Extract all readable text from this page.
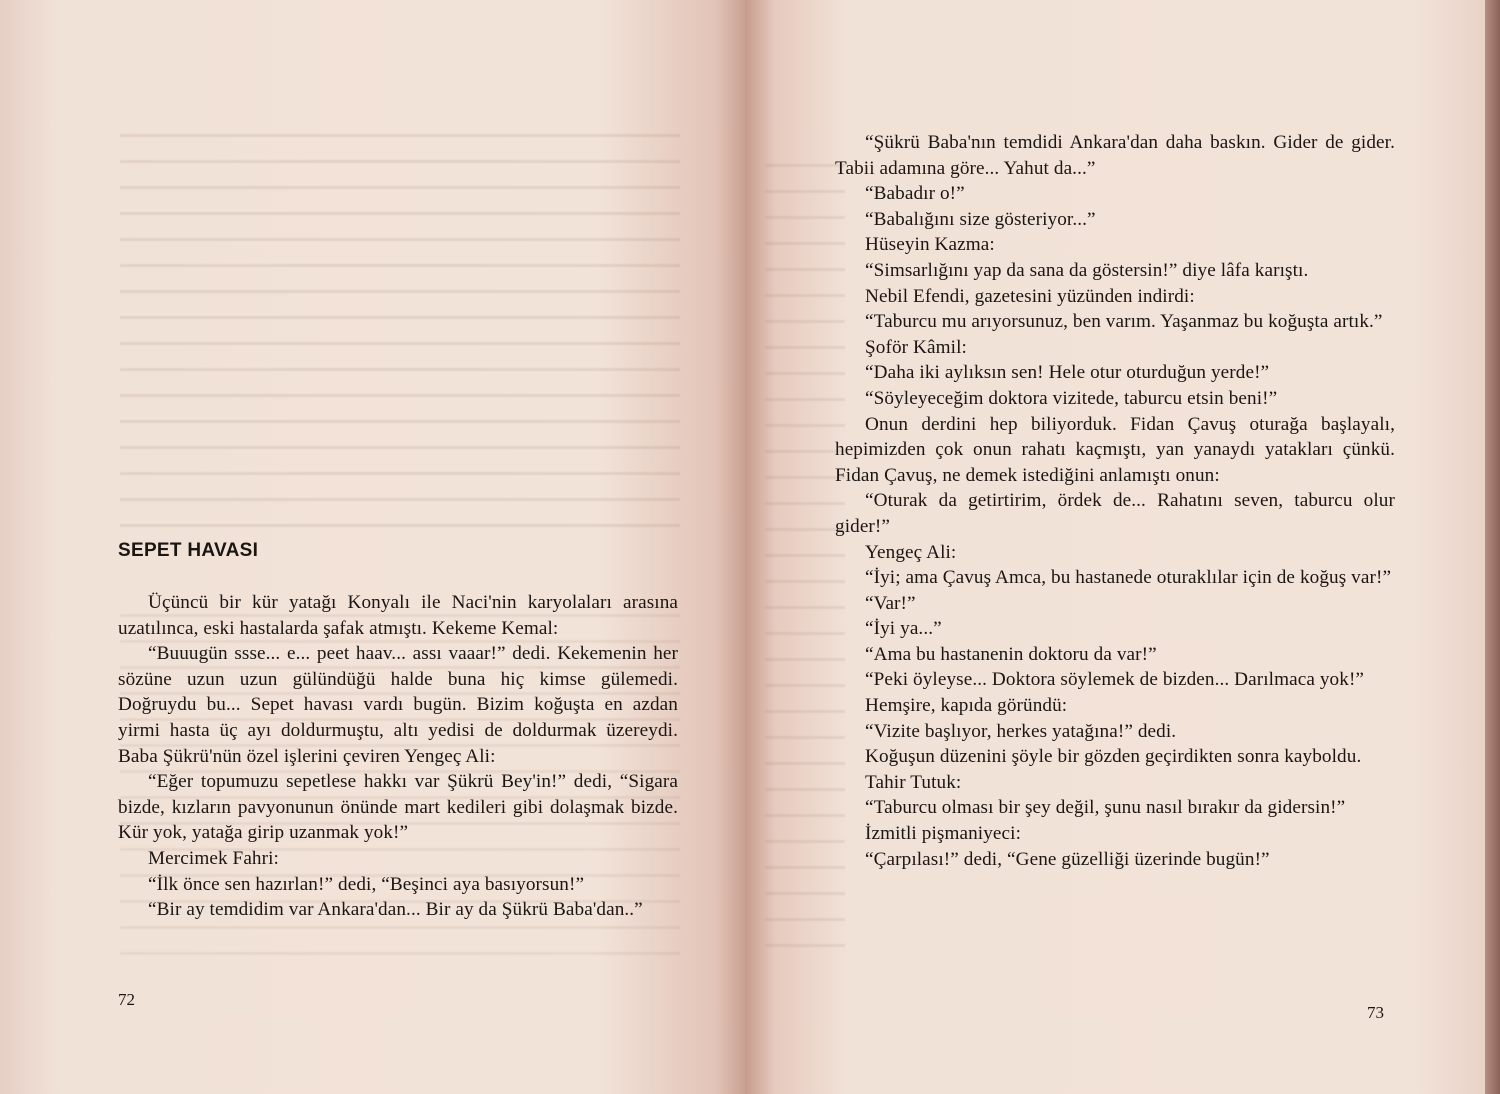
SEPET HAVASI

Üçüncü bir kür yatağı Konyalı ile Naci'nin karyolaları arasına uzatılınca, eski hastalarda şafak atmıştı. Kekeme Kemal:

“Buuugün ssse... e... peet haav... assı vaaar!” dedi. Kekemenin her sözüne uzun uzun gülündüğü halde buna hiç kimse gülemedi. Doğruydu bu... Sepet havası vardı bugün. Bizim koğuşta en azdan yirmi hasta üç ayı doldurmuştu, altı yedisi de doldurmak üzereydi. Baba Şükrü'nün özel işlerini çeviren Yengeç Ali:

“Eğer topumuzu sepetlese hakkı var Şükrü Bey'in!” dedi, “Sigara bizde, kızların pavyonunun önünde mart kedileri gibi dolaşmak bizde. Kür yok, yatağa girip uzanmak yok!”

Mercimek Fahri:

“İlk önce sen hazırlan!” dedi, “Beşinci aya basıyorsun!”

“Bir ay temdidim var Ankara'dan... Bir ay da Şükrü Baba'dan..”

72

“Şükrü Baba'nın temdidi Ankara'dan daha baskın. Gider de gider. Tabii adamına göre... Yahut da...”

“Babadır o!”

“Babalığını size gösteriyor...”

Hüseyin Kazma:

“Simsarlığını yap da sana da göstersin!” diye lâfa karıştı.

Nebil Efendi, gazetesini yüzünden indirdi:

“Taburcu mu arıyorsunuz, ben varım. Yaşanmaz bu koğuşta artık.”

Şoför Kâmil:

“Daha iki aylıksın sen! Hele otur oturduğun yerde!”

“Söyleyeceğim doktora vizitede, taburcu etsin beni!”

Onun derdini hep biliyorduk. Fidan Çavuş oturağa başlayalı, hepimizden çok onun rahatı kaçmıştı, yan yanaydı yatakları çünkü. Fidan Çavuş, ne demek istediğini anlamıştı onun:

“Oturak da getirtirim, ördek de... Rahatını seven, taburcu olur gider!”

Yengeç Ali:

“İyi; ama Çavuş Amca, bu hastanede oturaklılar için de koğuş var!”

“Var!”

“İyi ya...”

“Ama bu hastanenin doktoru da var!”

“Peki öyleyse... Doktora söylemek de bizden... Darılmaca yok!”

Hemşire, kapıda göründü:

“Vizite başlıyor, herkes yatağına!” dedi.

Koğuşun düzenini şöyle bir gözden geçirdikten sonra kayboldu.

Tahir Tutuk:

“Taburcu olması bir şey değil, şunu nasıl bırakır da gidersin!”

İzmitli pişmaniyeci:

“Çarpılası!” dedi, “Gene güzelliği üzerinde bugün!”

73
